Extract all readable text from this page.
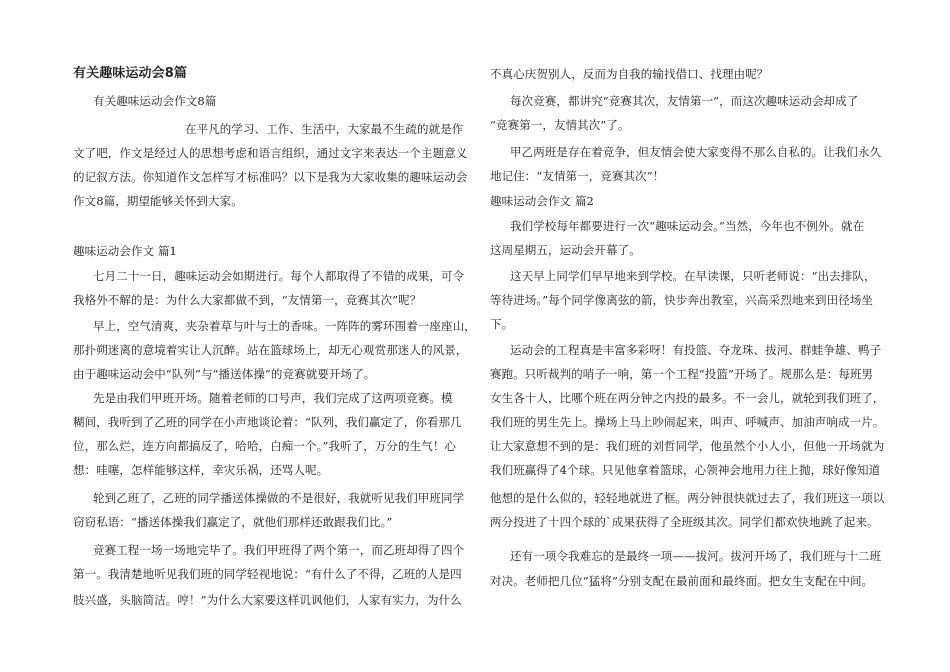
有关趣味运动会8篇
有关趣味运动会作文8篇
在平凡的学习、工作、生活中，大家最不生疏的就是作
文了吧，作文是经过人的思想考虑和语言组织，通过文字来表达一个主题意义
的记叙方法。你知道作文怎样写才标准吗？以下是我为大家收集的趣味运动会
作文8篇，期望能够关怀到大家。
趣味运动会作文 篇1
七月二十一日，趣味运动会如期进行。每个人都取得了不错的成果，可令
我格外不解的是：为什么大家都做不到，“友情第一，竞赛其次”呢？
早上，空气清爽，夹杂着草与叶与土的香味。一阵阵的雾环围着一座座山，
那扑朔迷离的意境着实让人沉醉。站在篮球场上，却无心观赏那迷人的风景，
由于趣味运动会中“队列”与“播送体操”的竞赛就要开场了。
先是由我们甲班开场。随着老师的口号声，我们完成了这两项竞赛。模
糊间，我听到了乙班的同学在小声地谈论着：“队列，我们赢定了，你看那几
位，那么烂，连方向都搞反了，哈哈，白痴一个。”我听了，万分的生气！心
想：哇噻，怎样能够这样，幸灾乐祸，还骂人呢。
轮到乙班了，乙班的同学播送体操做的不是很好，我就听见我们甲班同学
窃窃私语：“播送体操我们赢定了，就他们那样还敢跟我们比。”
竞赛工程一场一场地完毕了。我们甲班得了两个第一，而乙班却得了四个
第一。我清楚地听见我们班的同学轻视地说：“有什么了不得，乙班的人是四
肢兴盛，头脑简洁。哼！”为什么大家要这样讥讽他们，人家有实力，为什么
不真心庆贺别人，反而为自我的输找借口、找理由呢？
每次竞赛，都讲究“竞赛其次，友情第一”，而这次趣味运动会却成了
“竞赛第一，友情其次”了。
甲乙两班是存在着竞争，但友情会使大家变得不那么自私的。让我们永久
地记住：“友情第一，竞赛其次”！
趣味运动会作文 篇2
我们学校每年都要进行一次“趣味运动会。”当然，今年也不例外。就在
这周星期五，运动会开幕了。
这天早上同学们早早地来到学校。在早读课，只听老师说：“出去排队，
等待进场。”每个同学像离弦的箭，快步奔出教室，兴高采烈地来到田径场坐
下。
运动会的工程真是丰富多彩呀！有投篮、夺龙珠、拔河、群蛙争雄、鸭子
赛跑。只听裁判的哨子一响，第一个工程“投篮”开场了。规那么是：每班男
女生各十人，比哪个班在两分钟之内投的最多。不一会儿，就轮到我们班了，
我们班的男生先上。操场上马上吵闹起来，叫声、呼喊声、加油声响成一片。
让大家意想不到的是：我们班的刘哲同学，他虽然个小人小，但他一开场就为
我们班赢得了4个球。只见他拿着篮球，心领神会地用力往上抛，球好像知道
他想的是什么似的，轻轻地就进了框。两分钟很快就过去了，我们班这一项以
两分投进了十四个球的`成果获得了全班级其次。同学们都欢快地跳了起来。
还有一项令我难忘的是最终一项——拔河。拔河开场了，我们班与十二班
对决。老师把几位“猛将”分别支配在最前面和最终面。把女生支配在中间。
